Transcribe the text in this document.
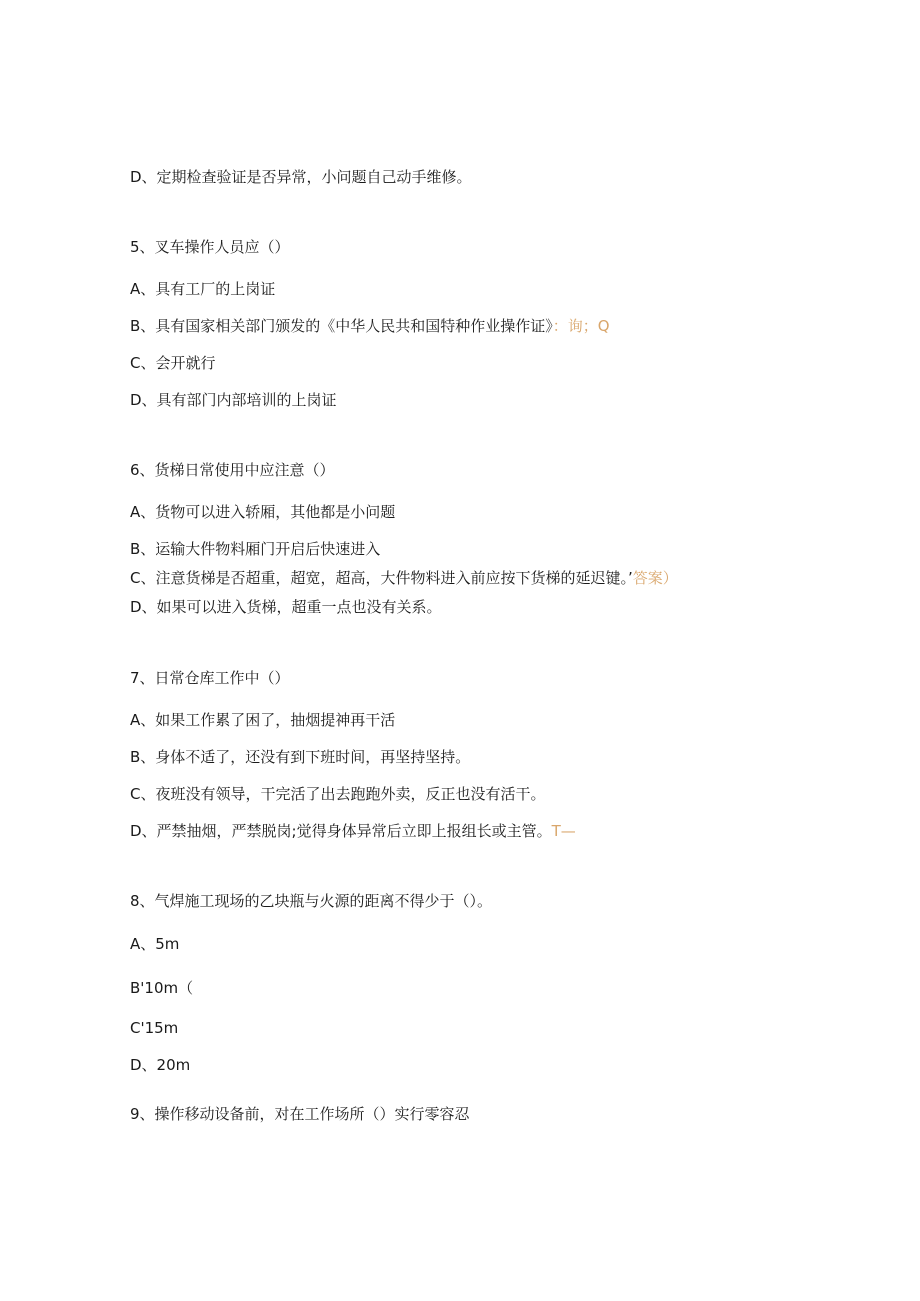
D、定期检查验证是否异常，小问题自己动手维修。
5、叉车操作人员应（）
A、具有工厂的上岗证
B、具有国家相关部门颁发的《中华人民共和国特种作业操作证》：询；Q
C、会开就行
D、具有部门内部培训的上岗证
6、货梯日常使用中应注意（）
A、货物可以进入轿厢，其他都是小问题
B、运输大件物料厢门开启后快速进入
C、注意货梯是否超重，超宽，超高，大件物料进入前应按下货梯的延迟键。’答案）
D、如果可以进入货梯，超重一点也没有关系。
7、日常仓库工作中（）
A、如果工作累了困了，抽烟提神再干活
B、身体不适了，还没有到下班时间，再坚持坚持。
C、夜班没有领导，干完活了出去跑跑外卖，反正也没有活干。
D、严禁抽烟，严禁脱岗;觉得身体异常后立即上报组长或主管。T—
8、气焊施工现场的乙块瓶与火源的距离不得少于（）。
A、5m
B'10m（
C'15m
D、20m
9、操作移动设备前，对在工作场所（）实行零容忍
